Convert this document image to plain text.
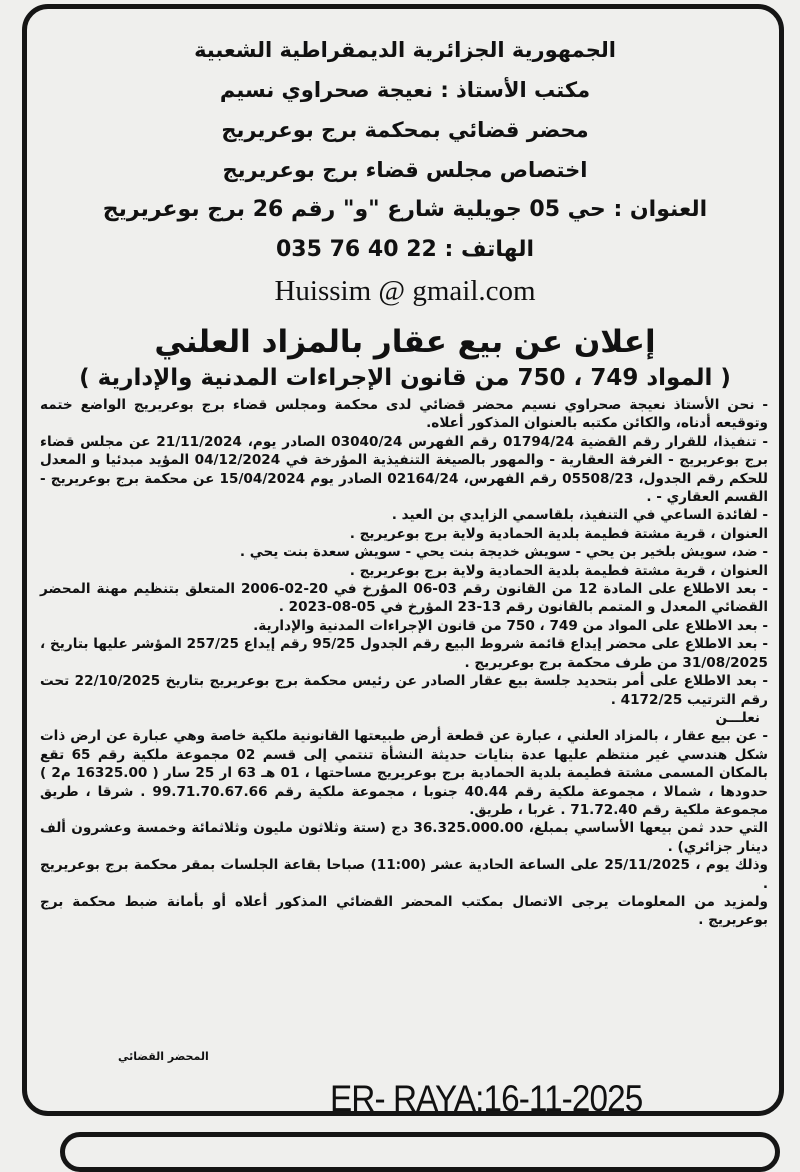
الجمهورية الجزائرية الديمقراطية الشعبية

مكتب الأستاذ : نعيجة صحراوي نسيم

محضر قضائي بمحكمة برج بوعريريج

اختصاص مجلس قضاء برج بوعريريج

العنوان : حي 05 جويلية شارع "و" رقم 26 برج بوعريريج

الهاتف : 22 40 76 035

Huissim @ gmail.com

إعلان عن بيع عقار بالمزاد العلني

( المواد 749 ، 750 من قانون الإجراءات المدنية والإدارية )

- نحن الأستاذ نعيجة صحراوي نسيم محضر قضائي لدى محكمة ومجلس قضاء برج بوعريريج الواضع ختمه وتوقيعه أدناه، والكائن مكتبه بالعنوان المذكور أعلاه.

- تنفيذا، للقرار رقم القضية 01794/24 رقم الفهرس 03040/24 الصادر يوم، 21/11/2024 عن مجلس قضاء برج بوعريريج - الغرفة العقارية - والمهور بالصيغة التنفيذية المؤرخة في 04/12/2024 المؤيد مبدئيا و المعدل للحكم رقم الجدول، 05508/23 رقم الفهرس، 02164/24 الصادر يوم 15/04/2024 عن محكمة برج بوعريريج - القسم العقاري - .

- لفائدة الساعي في التنفيذ، بلقاسمي الزايدي بن العيد .

العنوان ، قرية مشتة فطيمة بلدية الحمادية ولاية برج بوعريريج .

- ضد، سويش بلخير بن يحي - سويش خديجة بنت يحي - سويش سعدة بنت يحي .

العنوان ، قرية مشتة فطيمة بلدية الحمادية ولاية برج بوعريريج .

- بعد الاطلاع على المادة 12 من القانون رقم 03-06 المؤرخ في 20-02-2006 المتعلق بتنظيم مهنة المحضر القضائي المعدل و المتمم بالقانون رقم 13-23 المؤرخ في 05-08-2023 .

- بعد الاطلاع على المواد من 749 ، 750 من قانون الإجراءات المدنية والإدارية.

- بعد الاطلاع على محضر إيداع قائمة شروط البيع رقم الجدول 95/25 رقم إيداع 257/25 المؤشر عليها بتاريخ ، 31/08/2025 من طرف محكمة برج بوعريريج .

- بعد الاطلاع على أمر بتحديد جلسة بيع عقار الصادر عن رئيس محكمة برج بوعريريج بتاريخ 22/10/2025 تحت رقم الترتيب 4172/25 .

نعلـــن

- عن بيع عقار ، بالمزاد العلني ، عبارة عن قطعة أرض طبيعتها القانونية ملكية خاصة وهي عبارة عن ارض ذات شكل هندسي غير منتظم عليها عدة بنايات حديثة النشأة تنتمي إلى قسم 02 مجموعة ملكية رقم 65 تقع بالمكان المسمى مشتة فطيمة بلدية الحمادية برج بوعريريج مساحتها ، 01 هـ 63 ار 25 سار ( 16325.00 م2 ) حدودها ، شمالا ، مجموعة ملكية رقم 40.44 جنوبا ، مجموعة ملكية رقم 99.71.70.67.66 . شرقا ، طريق مجموعة ملكية رقم 71.72.40 . غربا ، طريق.

التي حدد ثمن بيعها الأساسي بمبلغ، 36.325.000.00 دج (ستة وثلاثون مليون وثلاثمائة وخمسة وعشرون ألف دينار جزائري) .

وذلك يوم ، 25/11/2025 على الساعة الحادية عشر (11:00) صباحا بقاعة الجلسات بمقر محكمة برج بوعريريج .

ولمزيد من المعلومات يرجى الاتصال بمكتب المحضر القضائي المذكور أعلاه أو بأمانة ضبط محكمة برج بوعريريج .

المحضر القضائي
ER- RAYA:16-11-2025
